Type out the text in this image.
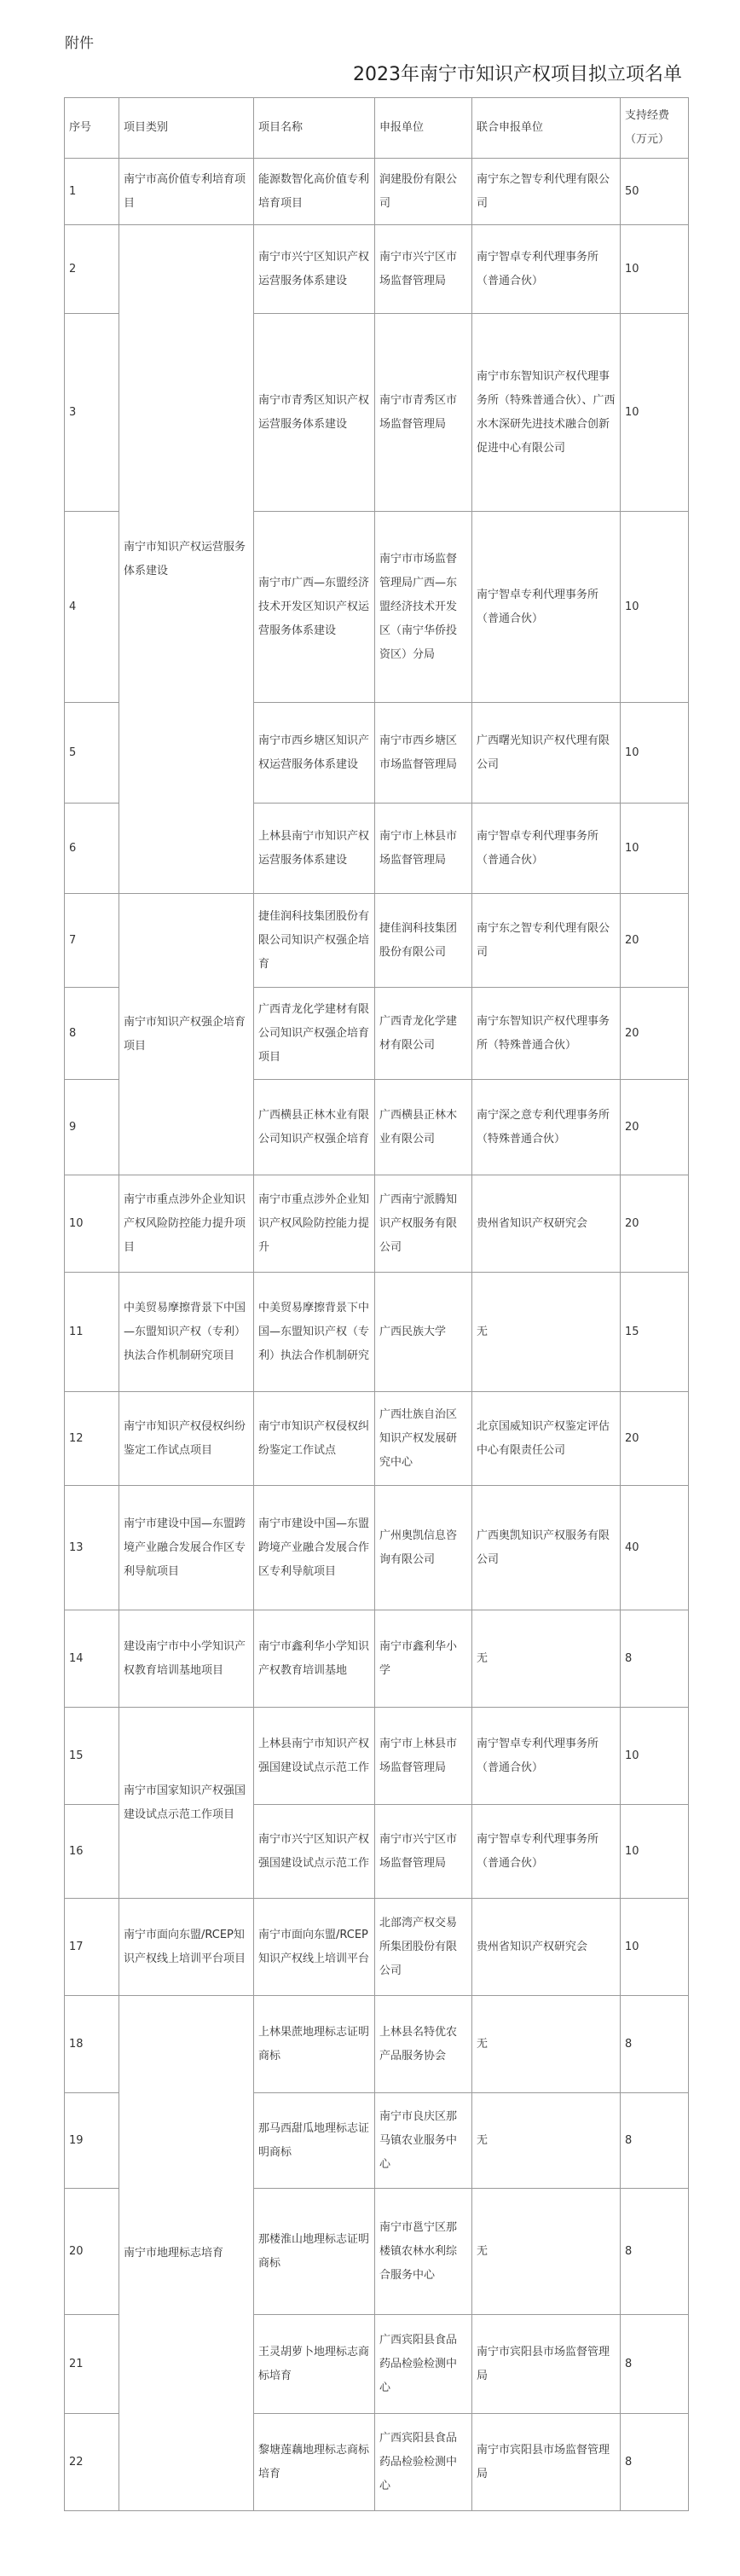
附件
2023年南宁市知识产权项目拟立项名单
序号	项目类别	项目名称	申报单位	联合申报单位	支持经费（万元）
1	南宁市高价值专利培育项目	能源数智化高价值专利培育项目	润建股份有限公司	南宁东之智专利代理有限公司	50
2	南宁市知识产权运营服务体系建设	南宁市兴宁区知识产权运营服务体系建设	南宁市兴宁区市场监督管理局	南宁智卓专利代理事务所（普通合伙）	10
3		南宁市青秀区知识产权运营服务体系建设	南宁市青秀区市场监督管理局	南宁市东智知识产权代理事务所（特殊普通合伙）、广西水木深研先进技术融合创新促进中心有限公司	10
4		南宁市广西—东盟经济技术开发区知识产权运营服务体系建设	南宁市市场监督管理局广西—东盟经济技术开发区（南宁华侨投资区）分局	南宁智卓专利代理事务所（普通合伙）	10
5		南宁市西乡塘区知识产权运营服务体系建设	南宁市西乡塘区市场监督管理局	广西曙光知识产权代理有限公司	10
6		上林县南宁市知识产权运营服务体系建设	南宁市上林县市场监督管理局	南宁智卓专利代理事务所（普通合伙）	10
7	南宁市知识产权强企培育项目	捷佳润科技集团股份有限公司知识产权强企培育	捷佳润科技集团股份有限公司	南宁东之智专利代理有限公司	20
8		广西青龙化学建材有限公司知识产权强企培育项目	广西青龙化学建材有限公司	南宁东智知识产权代理事务所（特殊普通合伙）	20
9		广西横县正林木业有限公司知识产权强企培育	广西横县正林木业有限公司	南宁深之意专利代理事务所（特殊普通合伙）	20
10	南宁市重点涉外企业知识产权风险防控能力提升项目	南宁市重点涉外企业知识产权风险防控能力提升	广西南宁派腾知识产权服务有限公司	贵州省知识产权研究会	20
11	中美贸易摩擦背景下中国—东盟知识产权（专利）执法合作机制研究项目	中美贸易摩擦背景下中国—东盟知识产权（专利）执法合作机制研究	广西民族大学	无	15
12	南宁市知识产权侵权纠纷鉴定工作试点项目	南宁市知识产权侵权纠纷鉴定工作试点	广西壮族自治区知识产权发展研究中心	北京国威知识产权鉴定评估中心有限责任公司	20
13	南宁市建设中国—东盟跨境产业融合发展合作区专利导航项目	南宁市建设中国—东盟跨境产业融合发展合作区专利导航项目	广州奥凯信息咨询有限公司	广西奥凯知识产权服务有限公司	40
14	建设南宁市中小学知识产权教育培训基地项目	南宁市鑫利华小学知识产权教育培训基地	南宁市鑫利华小学	无	8
15	南宁市国家知识产权强国建设试点示范工作项目	上林县南宁市知识产权强国建设试点示范工作	南宁市上林县市场监督管理局	南宁智卓专利代理事务所（普通合伙）	10
16		南宁市兴宁区知识产权强国建设试点示范工作	南宁市兴宁区市场监督管理局	南宁智卓专利代理事务所（普通合伙）	10
17	南宁市面向东盟/RCEP知识产权线上培训平台项目	南宁市面向东盟/RCEP知识产权线上培训平台	北部湾产权交易所集团股份有限公司	贵州省知识产权研究会	10
18	南宁市地理标志培育	上林果蔗地理标志证明商标	上林县名特优农产品服务协会	无	8
19		那马西甜瓜地理标志证明商标	南宁市良庆区那马镇农业服务中心	无	8
20		那楼淮山地理标志证明商标	南宁市邕宁区那楼镇农林水利综合服务中心	无	8
21		王灵胡萝卜地理标志商标培育	广西宾阳县食品药品检验检测中心	南宁市宾阳县市场监督管理局	8
22		黎塘莲藕地理标志商标培育	广西宾阳县食品药品检验检测中心	南宁市宾阳县市场监督管理局	8
